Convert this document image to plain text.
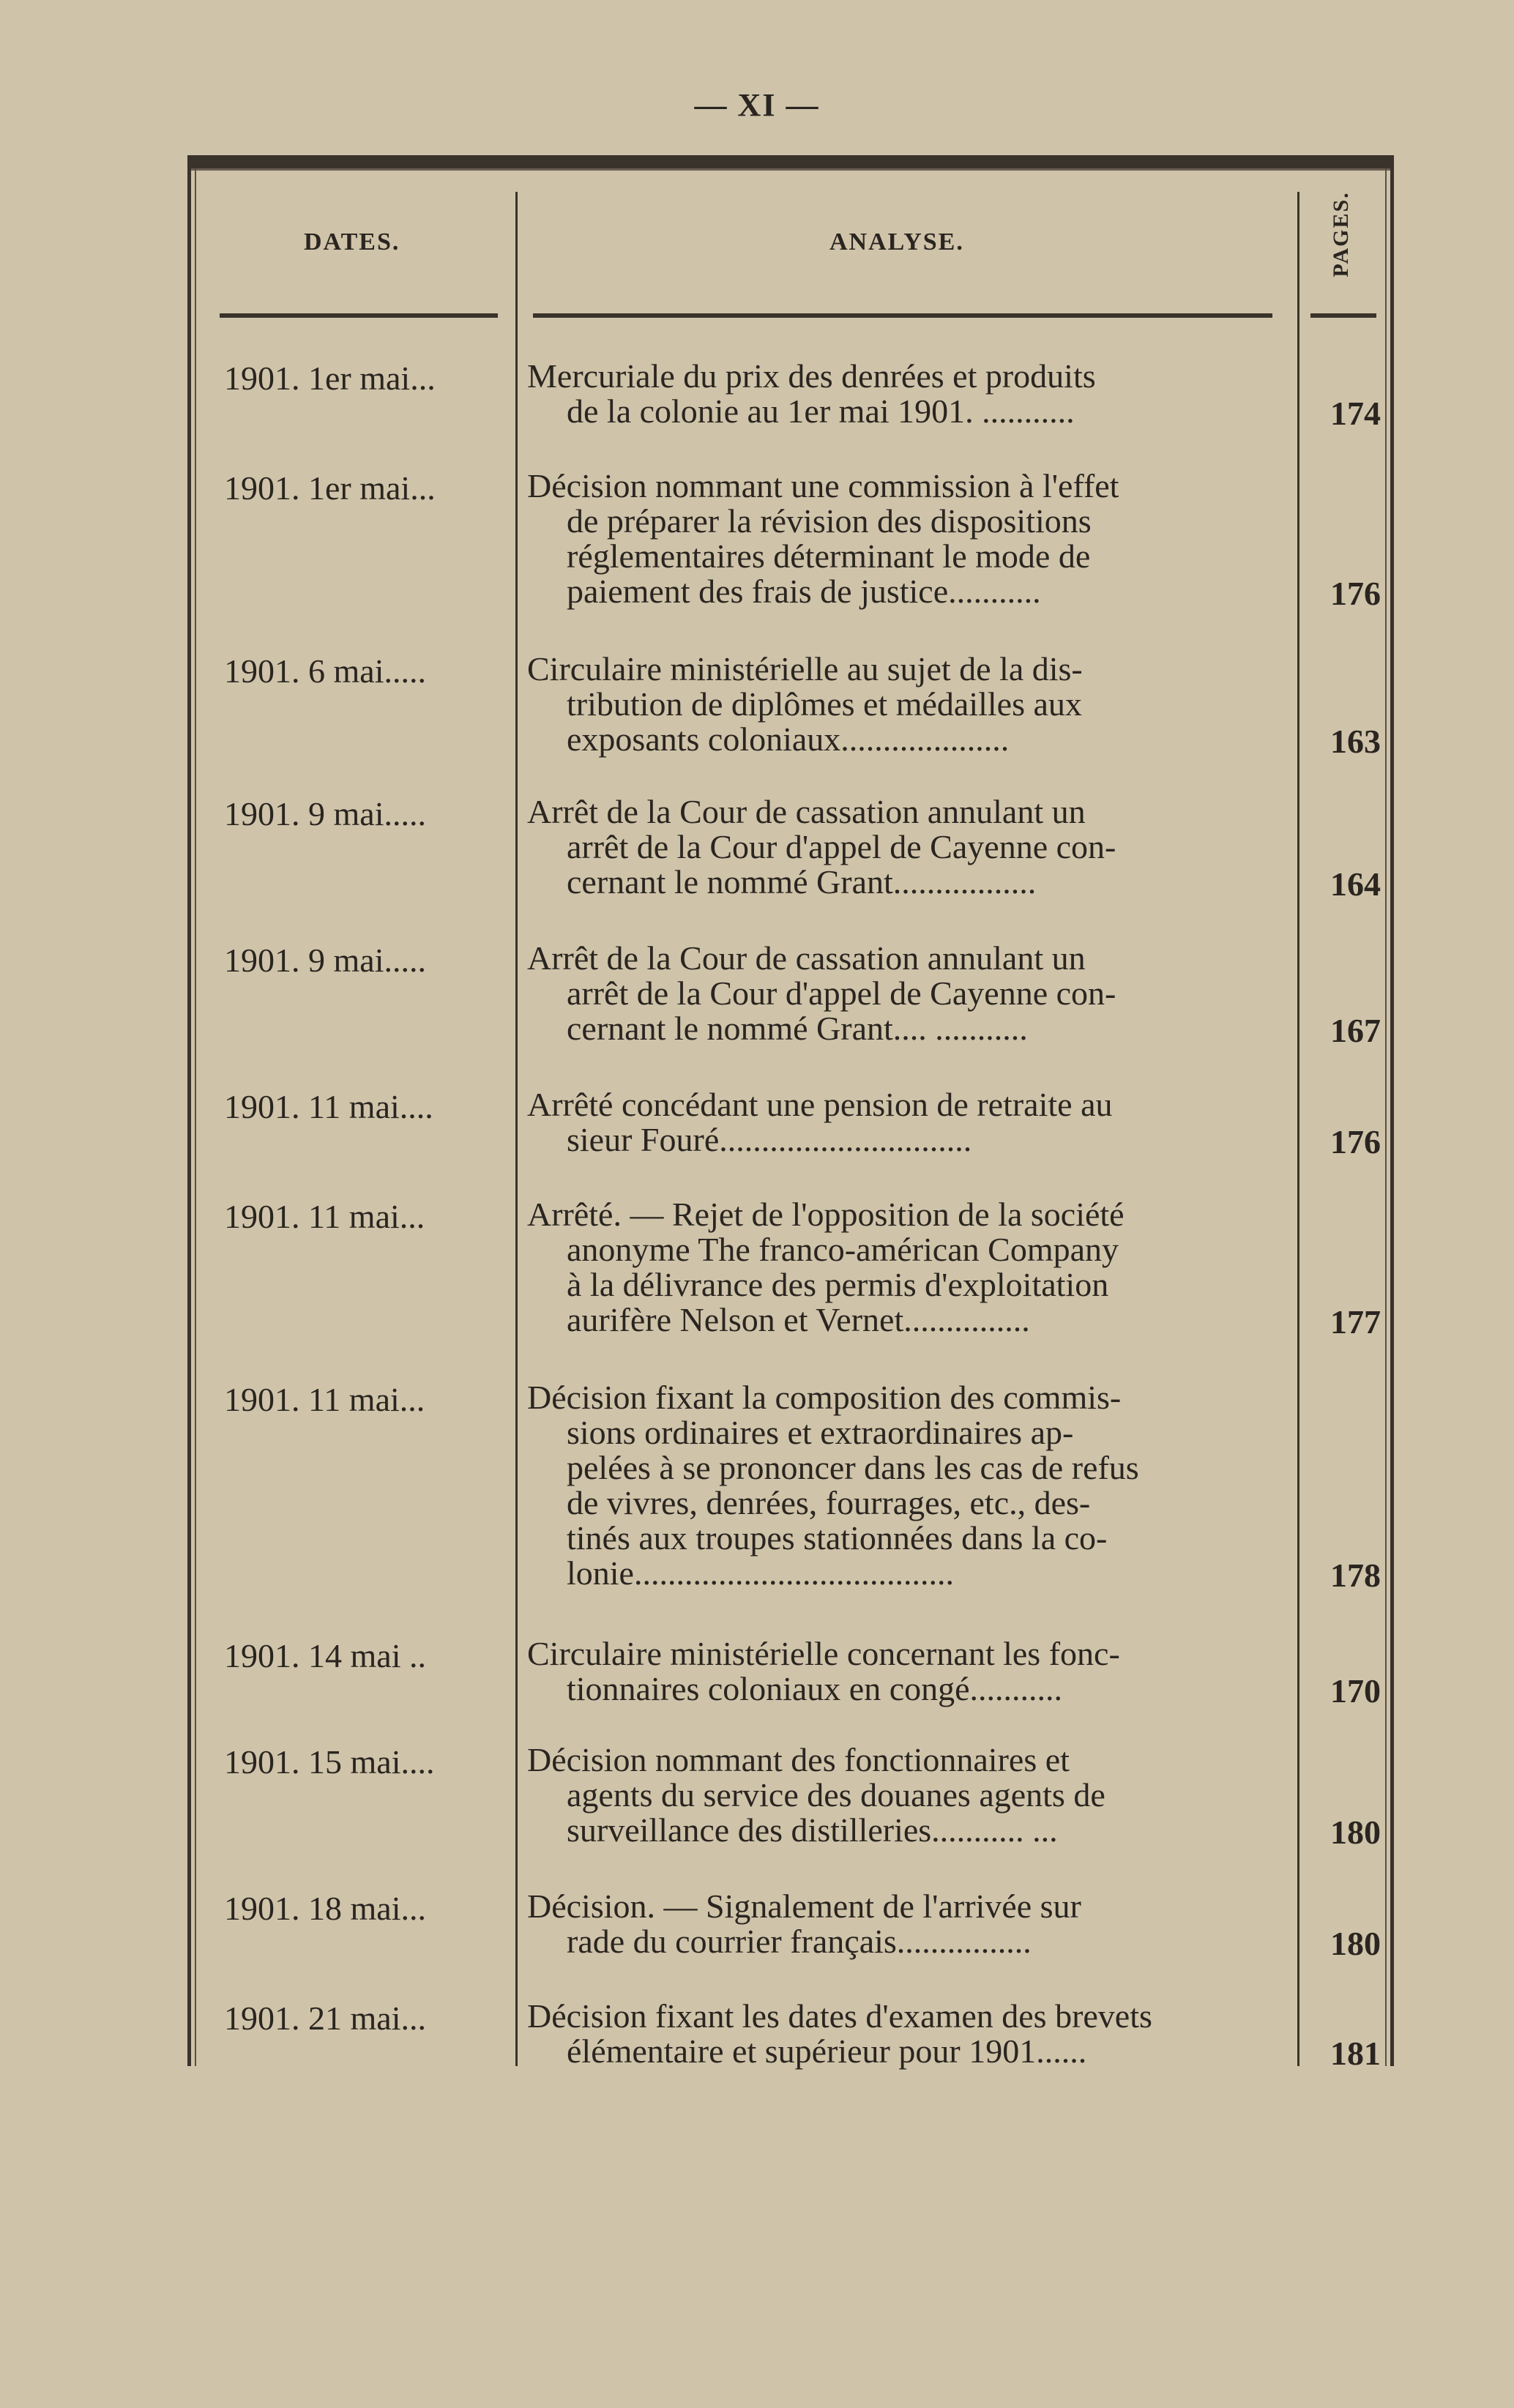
— XI —
DATES.	ANALYSE.	PAGES.
1901. 1er mai...	Mercuriale du prix des denrées et produits
de la colonie au 1er mai 1901. ...........	174
1901. 1er mai...	Décision nommant une commission à l'effet
de préparer la révision des dispositions
réglementaires déterminant le mode de
paiement des frais de justice...........	176
1901. 6 mai.....	Circulaire ministérielle au sujet de la dis-
tribution de diplômes et médailles aux
exposants coloniaux....................	163
1901. 9 mai.....	Arrêt de la Cour de cassation annulant un
arrêt de la Cour d'appel de Cayenne con-
cernant le nommé Grant.................	164
1901. 9 mai.....	Arrêt de la Cour de cassation annulant un
arrêt de la Cour d'appel de Cayenne con-
cernant le nommé Grant.... ...........	167
1901. 11 mai....	Arrêté concédant une pension de retraite au
sieur Fouré..............................	176
1901. 11 mai...	Arrêté. — Rejet de l'opposition de la société
anonyme The franco-américan Company
à la délivrance des permis d'exploitation
aurifère Nelson et Vernet...............	177
1901. 11 mai...	Décision fixant la composition des commis-
sions ordinaires et extraordinaires ap-
pelées à se prononcer dans les cas de refus
de vivres, denrées, fourrages, etc., des-
tinés aux troupes stationnées dans la co-
lonie......................................	178
1901. 14 mai ..	Circulaire ministérielle concernant les fonc-
tionnaires coloniaux en congé...........	170
1901. 15 mai....	Décision nommant des fonctionnaires et
agents du service des douanes agents de
surveillance des distilleries........... ...	180
1901. 18 mai...	Décision. — Signalement de l'arrivée sur
rade du courrier français................	180
1901. 21 mai...	Décision fixant les dates d'examen des brevets
élémentaire et supérieur pour 1901......	181
